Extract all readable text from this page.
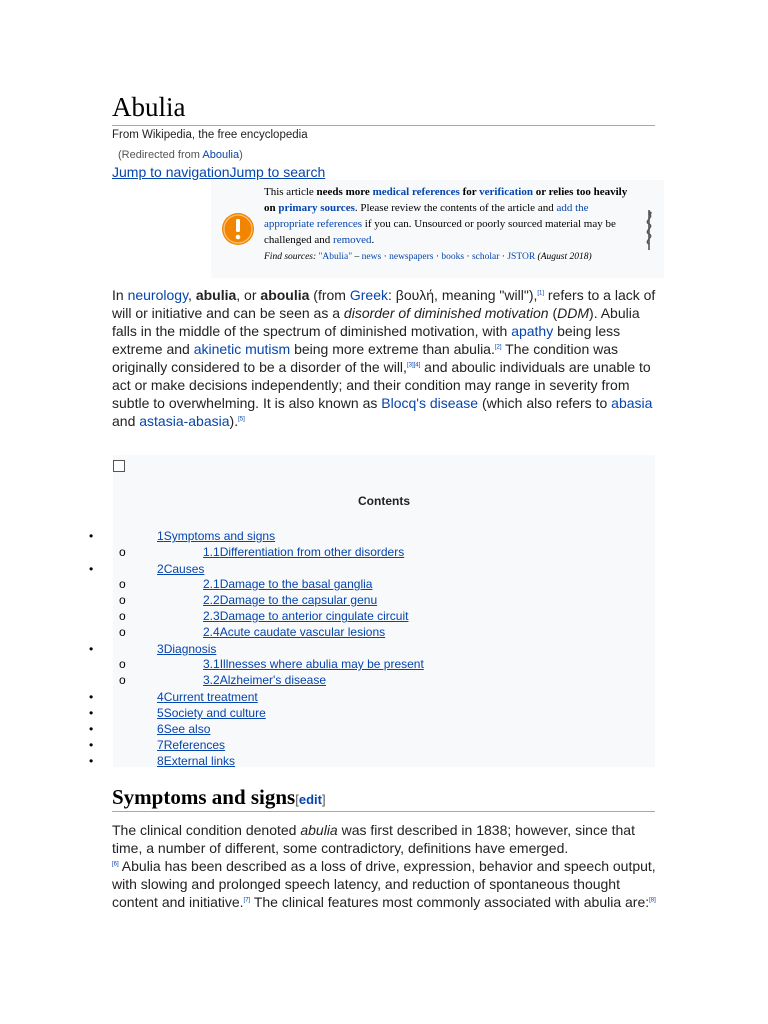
Abulia
From Wikipedia, the free encyclopedia
(Redirected from Aboulia)
Jump to navigationJump to search
This article needs more medical references for verification or relies too heavily on primary sources. Please review the contents of the article and add the appropriate references if you can. Unsourced or poorly sourced material may be challenged and removed.
Find sources: "Abulia" – news · newspapers · books · scholar · JSTOR (August 2018)

In neurology, abulia, or aboulia (from Greek: βουλή, meaning "will"),[1] refers to a lack of will or initiative and can be seen as a disorder of diminished motivation (DDM). Abulia falls in the middle of the spectrum of diminished motivation, with apathy being less extreme and akinetic mutism being more extreme than abulia.[2] The condition was originally considered to be a disorder of the will,[3][4] and aboulic individuals are unable to act or make decisions independently; and their condition may range in severity from subtle to overwhelming. It is also known as Blocq's disease (which also refers to abasia and astasia-abasia).[5]

Contents
•	1Symptoms and signs
o	1.1Differentiation from other disorders
•	2Causes
o	2.1Damage to the basal ganglia
o	2.2Damage to the capsular genu
o	2.3Damage to anterior cingulate circuit
o	2.4Acute caudate vascular lesions
•	3Diagnosis
o	3.1Illnesses where abulia may be present
o	3.2Alzheimer's disease
•	4Current treatment
•	5Society and culture
•	6See also
•	7References
•	8External links
Symptoms and signs[edit]

The clinical condition denoted abulia was first described in 1838; however, since that time, a number of different, some contradictory, definitions have emerged.
[6] Abulia has been described as a loss of drive, expression, behavior and speech output, with slowing and prolonged speech latency, and reduction of spontaneous thought content and initiative.[7] The clinical features most commonly associated with abulia are:[8]
